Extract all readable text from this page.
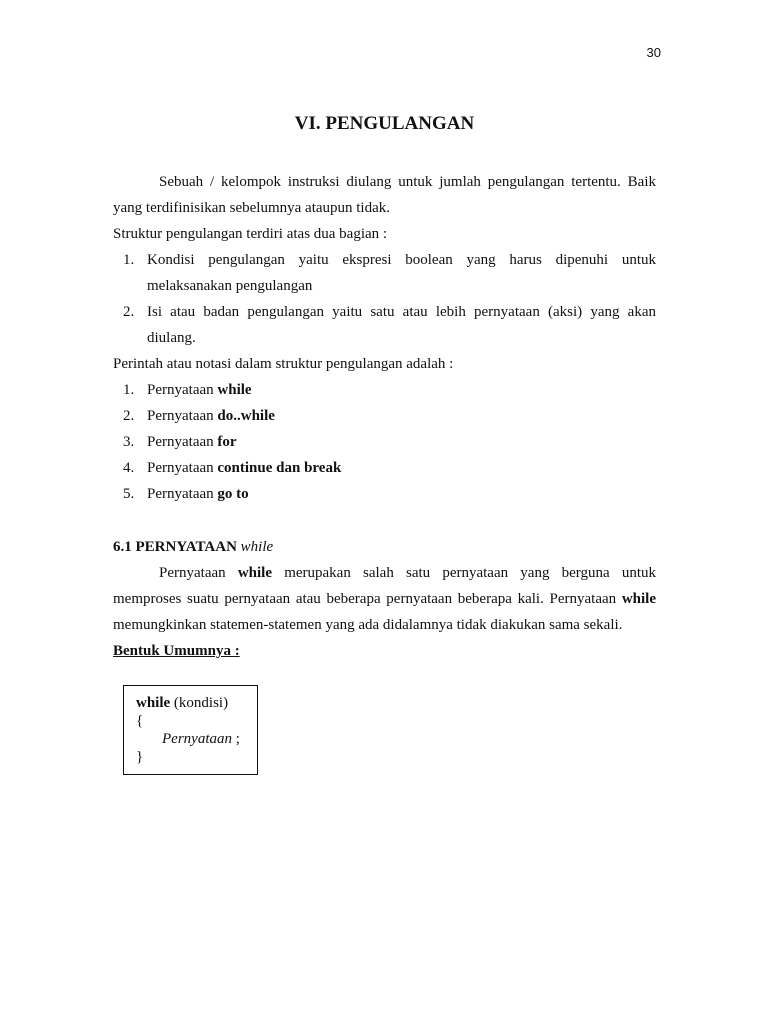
30
VI. PENGULANGAN
Sebuah / kelompok instruksi diulang untuk jumlah pengulangan tertentu. Baik
yang terdifinisikan sebelumnya ataupun tidak.
Struktur pengulangan terdiri atas dua bagian :
1. Kondisi pengulangan yaitu ekspresi boolean yang harus dipenuhi untuk
melaksanakan pengulangan
2. Isi atau badan pengulangan yaitu satu atau lebih pernyataan (aksi) yang akan
diulang.
Perintah atau notasi dalam struktur pengulangan adalah :
1. Pernyataan while
2. Pernyataan do..while
3. Pernyataan for
4. Pernyataan continue dan break
5. Pernyataan go to
6.1 PERNYATAAN while
Pernyataan while merupakan salah satu pernyataan yang berguna untuk
memproses suatu pernyataan atau beberapa pernyataan beberapa kali. Pernyataan while
memungkinkan statemen-statemen yang ada didalamnya tidak diakukan sama sekali.
Bentuk Umumnya :
while (kondisi)
{
Pernyataan ;
}
